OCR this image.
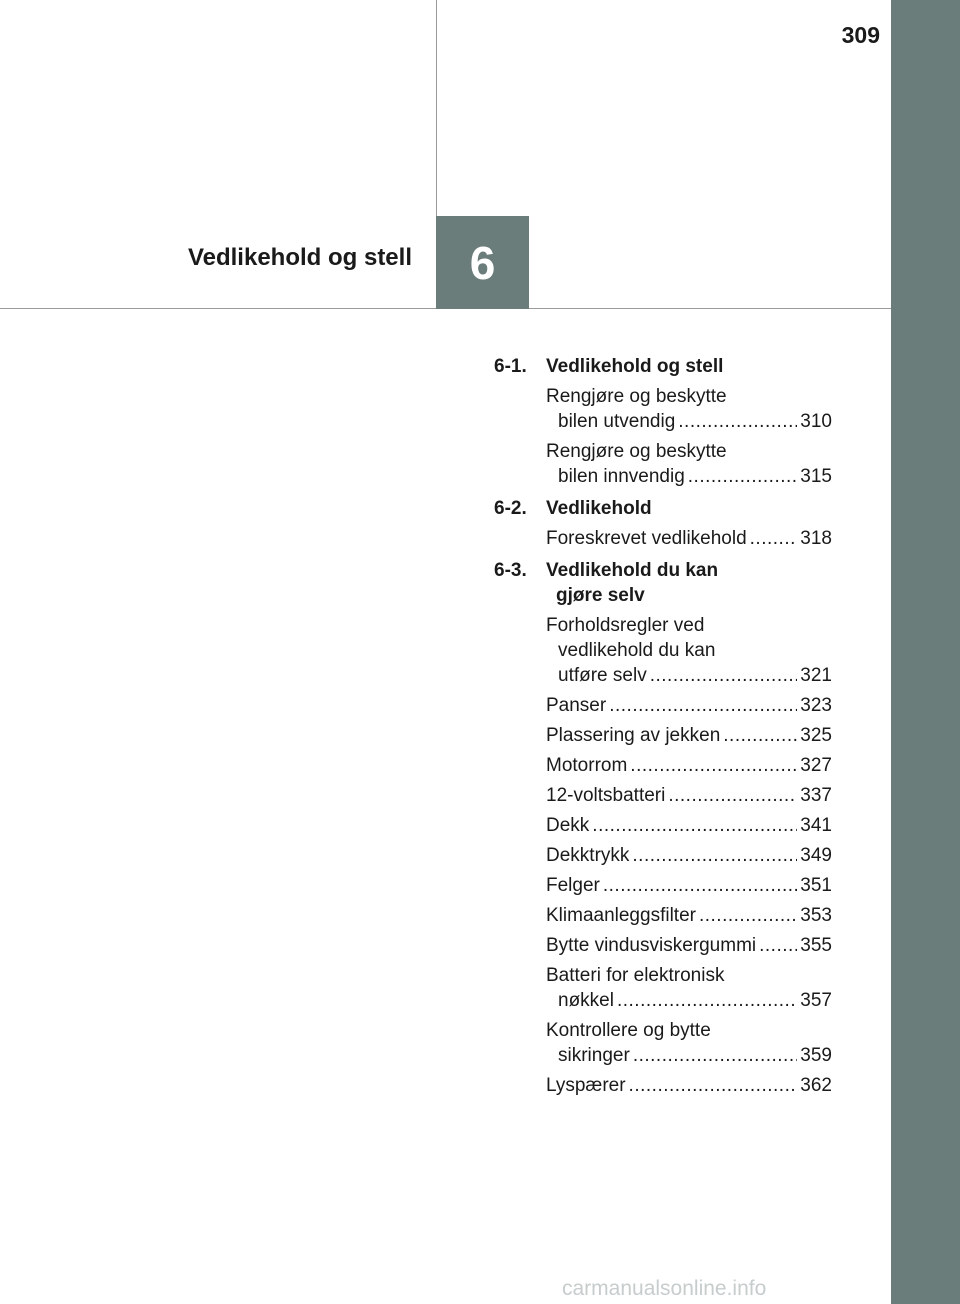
309
6
Vedlikehold og stell
6-1.	Vedlikehold og stell
Rengjøre og beskytte
bilen utvendig .....	310
Rengjøre og beskytte
bilen innvendig .....	315
6-2.	Vedlikehold
Foreskrevet vedlikehold .....	318
6-3.	Vedlikehold du kan
gjøre selv
Forholdsregler ved
vedlikehold du kan
utføre selv .....	321
Panser .....	323
Plassering av jekken .....	325
Motorrom .....	327
12-voltsbatteri .....	337
Dekk .....	341
Dekktrykk .....	349
Felger .....	351
Klimaanleggsfilter .....	353
Bytte vindusviskergummi .....	355
Batteri for elektronisk
nøkkel .....	357
Kontrollere og bytte
sikringer .....	359
Lyspærer .....	362
carmanualsonline.info
